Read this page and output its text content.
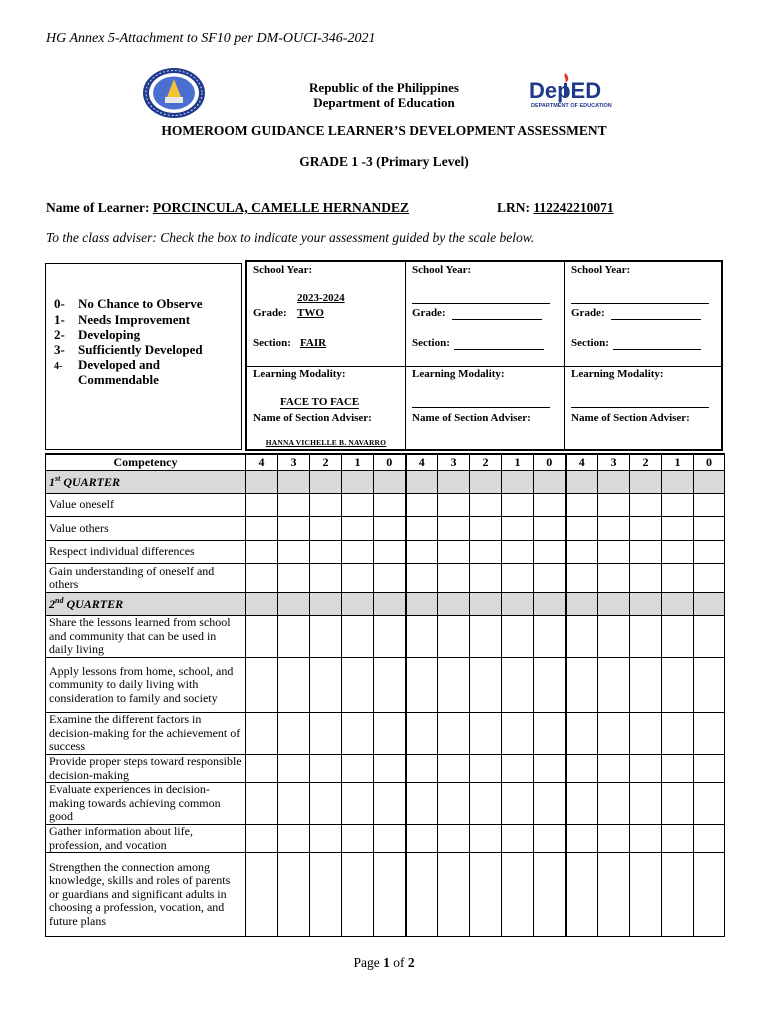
HG Annex 5-Attachment to SF10 per DM-OUCI-346-2021
Republic of the Philippines
Department of Education	DepED
DEPARTMENT OF EDUCATION
HOMEROOM GUIDANCE LEARNER’S DEVELOPMENT ASSESSMENT
GRADE 1 -3 (Primary Level)
Name of Learner: PORCINCULA, CAMELLE HERNANDEZ	LRN: 112242210071
To the class adviser: Check the box to indicate your assessment guided by the scale below.
0- No Chance to Observe
1- Needs Improvement
2- Developing
3- Sufficiently Developed
4- Developed and Commendable
School Year:
2023-2024
Grade: TWO
Section: FAIR
Learning Modality:
FACE TO FACE
Name of Section Adviser:
HANNA VICHELLE B. NAVARRO
School Year:
Grade:
Section:
Learning Modality:
Name of Section Adviser:
School Year:
Grade:
Section:
Learning Modality:
Name of Section Adviser:
Competency	4	3	2	1	0	4	3	2	1	0	4	3	2	1	0
1st QUARTER															
Value oneself															
Value others															
Respect individual differences															
Gain understanding of oneself and others															
2nd QUARTER															
Share the lessons learned from school and community that can be used in daily living															
Apply lessons from home, school, and community to daily living with consideration to family and society															
Examine the different factors in decision-making for the achievement of success															
Provide proper steps toward responsible decision-making															
Evaluate experiences in decision-making towards achieving common good															
Gather information about life, profession, and vocation															
Strengthen the connection among knowledge, skills and roles of parents or guardians and significant adults in choosing a profession, vocation, and future plans															
Page 1 of 2
